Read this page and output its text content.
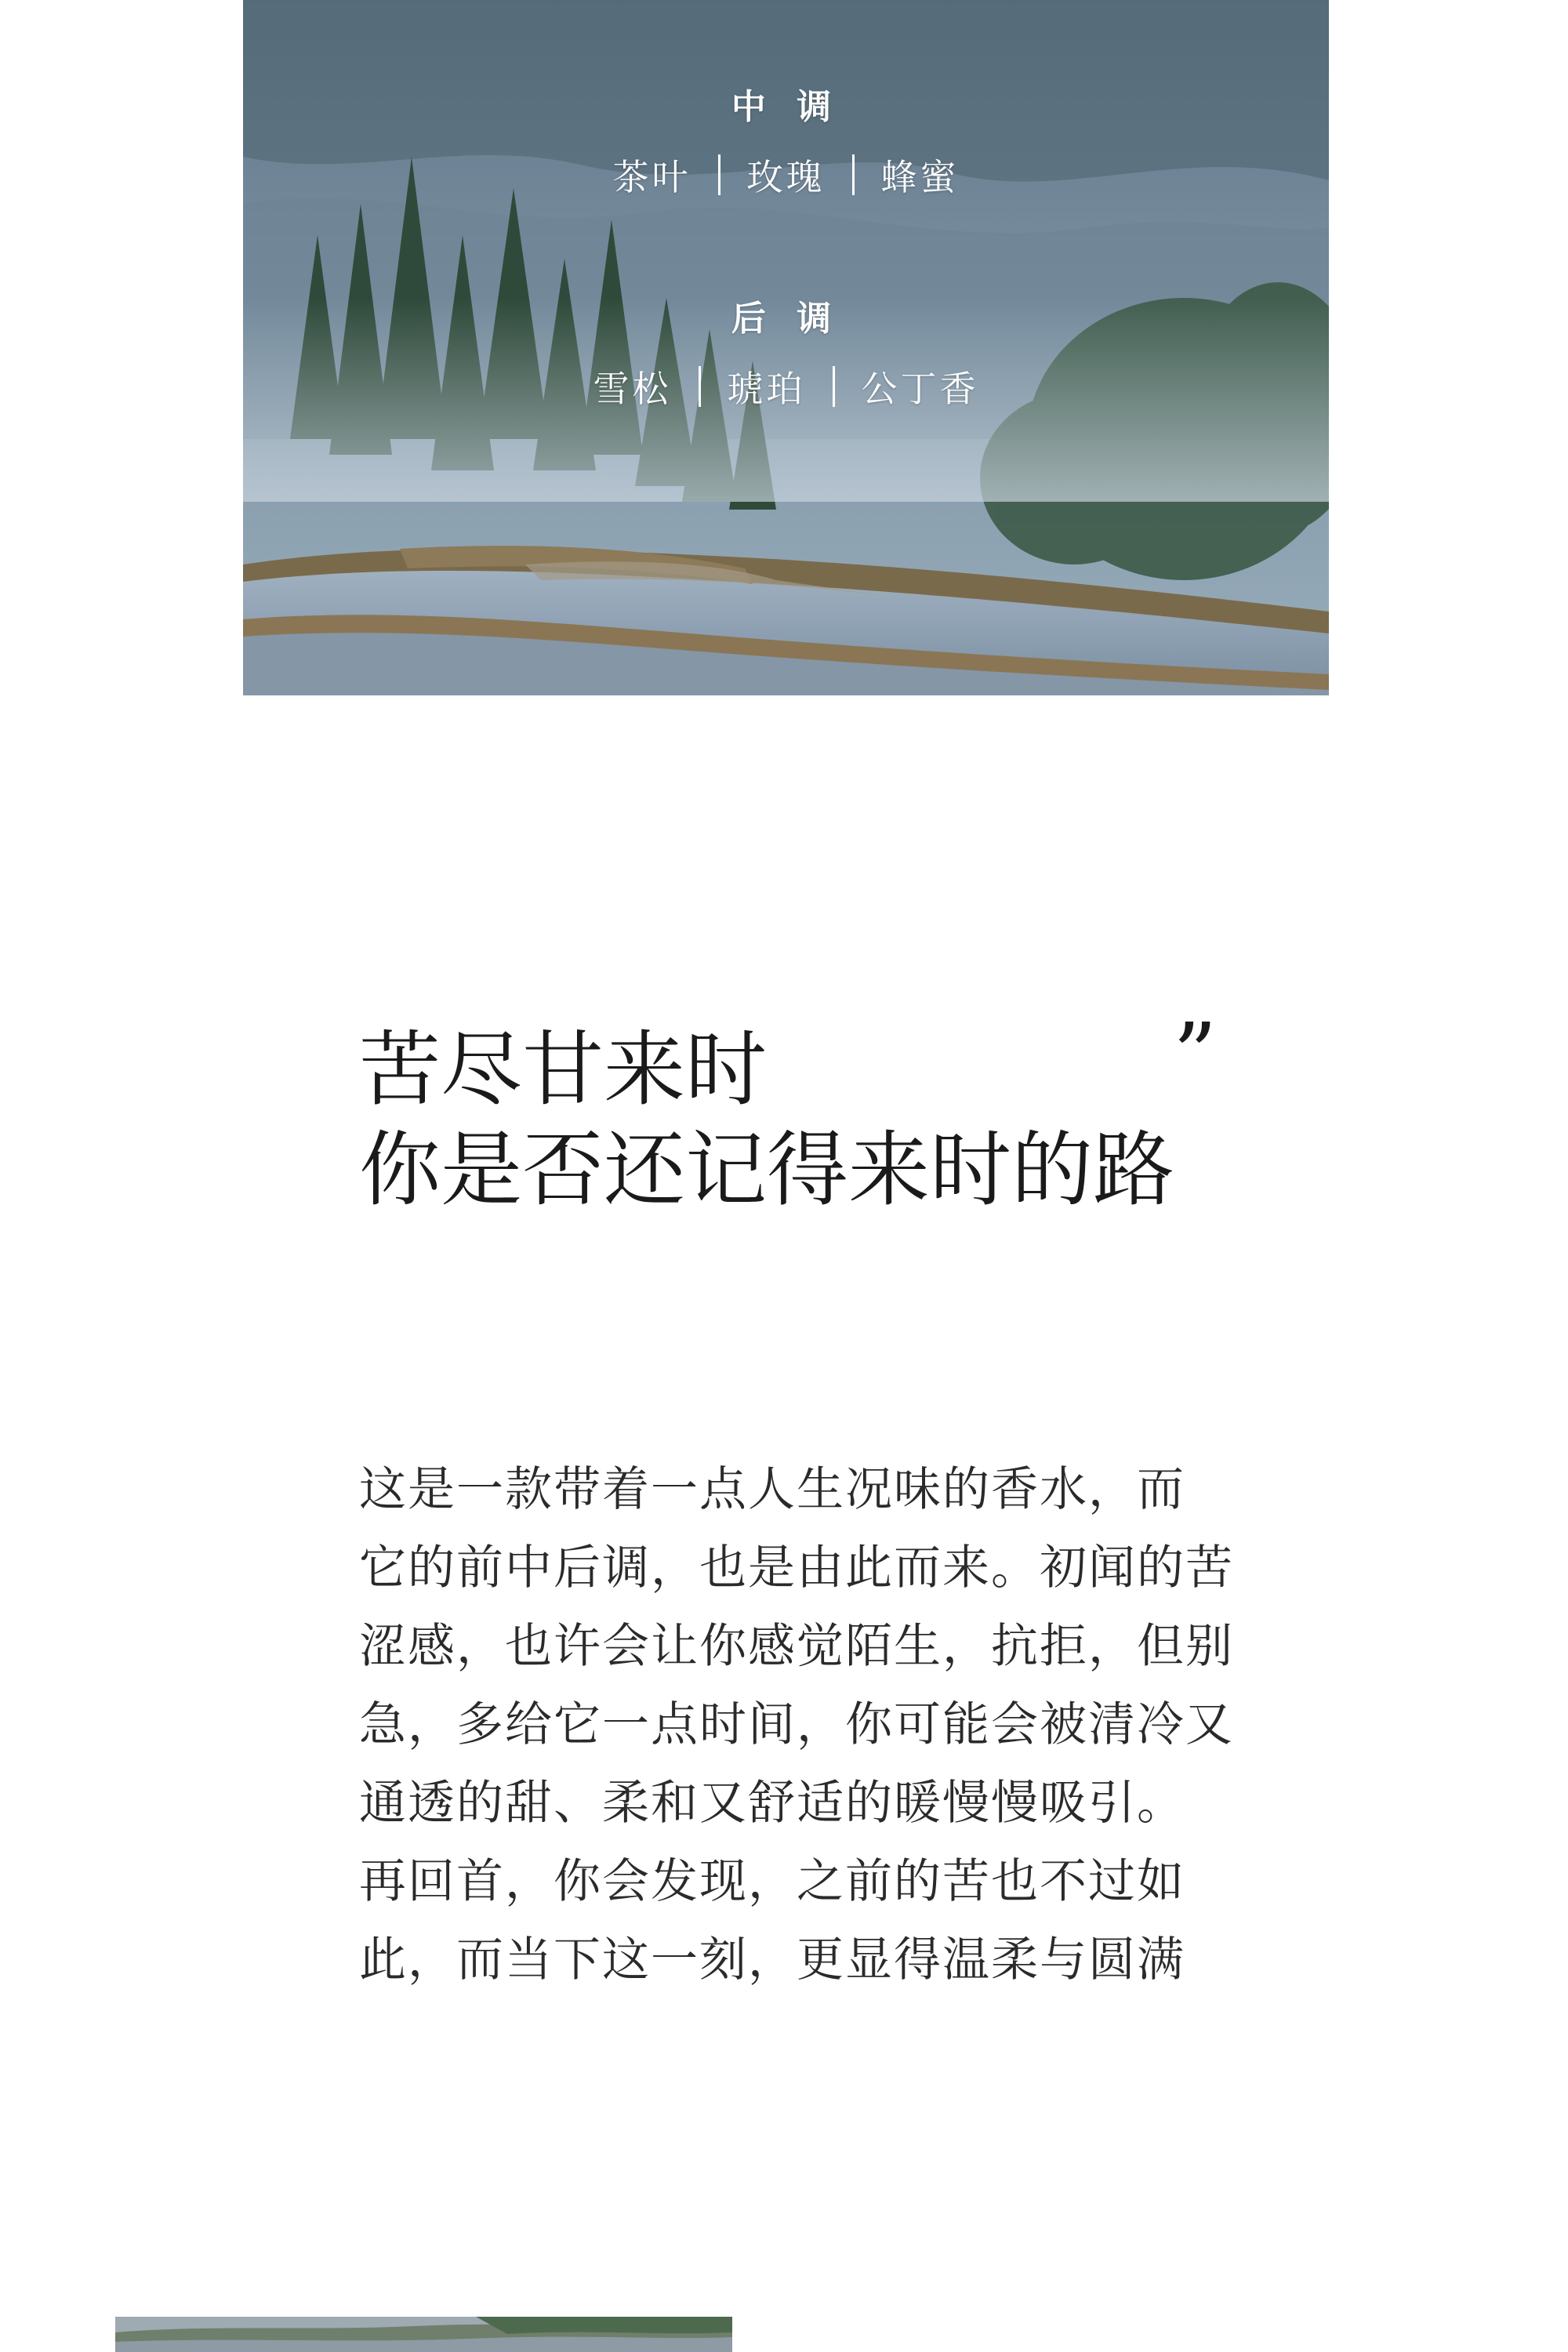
中 调
茶叶 玫瑰 蜂蜜
后 调
雪松 琥珀 公丁香
苦尽甘来时
你是否还记得来时的路
”
这是一款带着一点人生况味的香水，而
它的前中后调，也是由此而来。初闻的苦
涩感，也许会让你感觉陌生，抗拒，但别
急，多给它一点时间，你可能会被清冷又
通透的甜、柔和又舒适的暖慢慢吸引。
再回首，你会发现，之前的苦也不过如
此，而当下这一刻，更显得温柔与圆满
